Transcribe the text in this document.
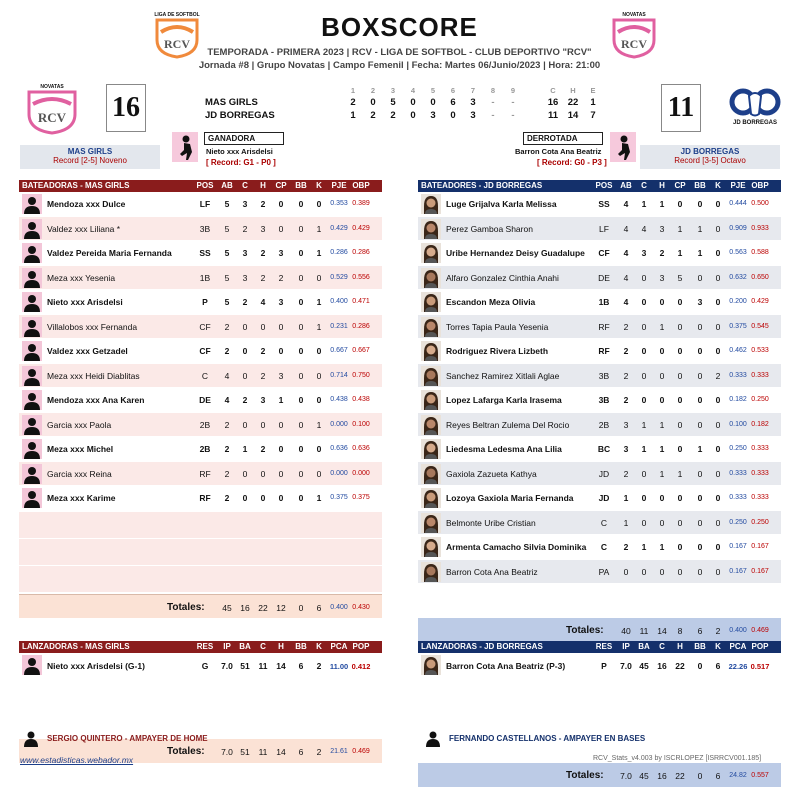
LIGA DE SOFTBOL
RCV
BOXSCORE	NOVATAS
RCV
TEMPORADA - PRIMERA 2023 | RCV - LIGA DE SOFTBOL - CLUB DEPORTIVO "RCV"
Jornada #8 | Grupo Novatas | Campo Femenil | Fecha: Martes 06/Junio/2023 | Hora: 21:00
NOVATAS
RCV 16	11	JD BORREGAS
1	2	3	4	5	6	7	8	9	C	H	E
MAS GIRLS	2	0	5	0	0	6	3	-	-	16 22	1
JD BORREGAS	1	2	2	0	3	0	3	-	-	11	14	7
GANADORA
Nieto xxx Arisdelsi
[ Record: G1 - P0 ]
DERROTADA
Barron Cota Ana Beatriz
[ Record: G0 - P3 ]
MAS GIRLS
Record [2-5] Noveno
JD BORREGAS
Record [3-5] Octavo
BATEADORAS - MAS GIRLS	POS AB	C	H	CP	BB	K	PJE OBP
Mendoza xxx Dulce	LF	5	3	2	0	0	0	0.353 0.389
Valdez xxx Liliana *	3B	5	2	3	0	0	1	0.429 0.429
Valdez Pereida Maria Fernanda	SS	5	3	2	3	0	1	0.286 0.286
Meza xxx Yesenia	1B	5	3	2	2	0	0	0.529 0.556
Nieto xxx Arisdelsi	P	5	2	4	3	0	1	0.400 0.471
Villalobos xxx Fernanda	CF	2	0	0	0	0	1	0.231 0.286
Valdez xxx Getzadel	CF	2	0	2	0	0	0	0.667 0.667
Meza xxx Heidi Diablitas	C	4	0	2	3	0	0	0.714 0.750
Mendoza xxx Ana Karen	DE	4	2	3	1	0	0	0.438 0.438
Garcia xxx Paola	2B	2	0	0	0	0	1	0.000 0.100
Meza xxx Michel	2B	2	1	2	0	0	0	0.636 0.636
Garcia xxx Reina	RF	2	0	0	0	0	0	0.000 0.000
Meza xxx Karime	RF	2	0	0	0	0	1	0.375 0.375
BATEADORES - JD BORREGAS	POS AB	C	H	CP	BB	K	PJE OBP
Luge Grijalva Karla Melissa	SS	4	1	1	0	0	0	0.444 0.500
Perez Gamboa Sharon	LF	4	4	3	1	1	0	0.909 0.933
Uribe Hernandez Deisy Guadalupe	CF	4	3	2	1	1	0	0.563 0.588
Alfaro Gonzalez Cinthia Anahi	DE	4	0	3	5	0	0	0.632 0.650
Escandon Meza Olivia	1B	4	0	0	0	3	0	0.200 0.429
Torres Tapia Paula Yesenia	RF	2	0	1	0	0	0	0.375 0.545
Rodriguez Rivera Lizbeth	RF	2	0	0	0	0	0	0.462 0.533
Sanchez Ramirez Xitlali Aglae	3B	2	0	0	0	0	2	0.333 0.333
Lopez Lafarga Karla Irasema	3B	2	0	0	0	0	0	0.182 0.250
Reyes Beltran Zulema Del Rocio	2B	3	1	1	0	0	0	0.100 0.182
Liedesma Ledesma Ana Lilia	BC	3	1	1	0	1	0	0.250 0.333
Gaxiola Zazueta Kathya	JD	2	0	1	1	0	0	0.333 0.333
Lozoya Gaxiola Maria Fernanda	JD	1	0	0	0	0	0	0.333 0.333
Belmonte Uribe Cristian	C	1	0	0	0	0	0	0.250 0.250
Armenta Camacho Silvia Dominika	C	2	1	1	0	0	0	0.167 0.167
Barron Cota Ana Beatriz	PA	0	0	0	0	0	0	0.167 0.167
Totales:	45	16	22	12	0	6	0.400 0.430
Totales:	40	11	14	8	6	2	0.400 0.469
LANZADORAS - MAS GIRLS	RES	IP	BA	C	H	BB	K	PCA POP
Nieto xxx Arisdelsi (G-1)	G	7.0 51	11	14	6	2	11.00 0.412
LANZADORAS - JD BORREGAS	RES	IP	BA	C	H	BB	K	PCA POP
Barron Cota Ana Beatriz (P-3)	P	7.0 45	16	22	0	6	22.26 0.517
Totales:	7.0 51	11	14	6	2	21.61 0.469
Totales:	7.0 45	16	22	0	6	24.82 0.557
SERGIO QUINTERO - AMPAYER DE HOME	FERNANDO CASTELLANOS - AMPAYER EN BASES
www.estadisticas.webador.mx	RCV_Stats_v4.003 by ISCRLOPEZ [ISRRCV001.185]
